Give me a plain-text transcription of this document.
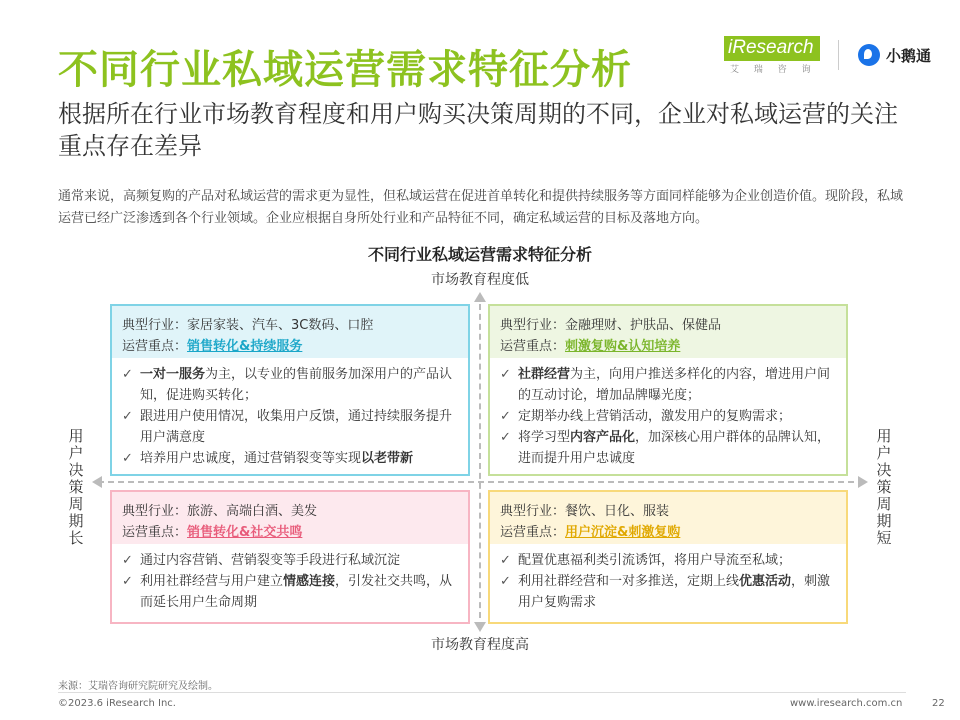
不同行业私域运营需求特征分析	iResearch
艾 瑞 咨 询
小鹅通
根据所在行业市场教育程度和用户购买决策周期的不同，企业对私域运营的关注重点存在差异
通常来说，高频复购的产品对私域运营的需求更为显性，但私域运营在促进首单转化和提供持续服务等方面同样能够为企业创造价值。现阶段，私域运营已经广泛渗透到各个行业领域。企业应根据自身所处行业和产品特征不同，确定私域运营的目标及落地方向。
不同行业私域运营需求特征分析
市场教育程度低
市场教育程度高
用户决策周期长
用户决策周期短
典型行业：家居家装、汽车、3C数码、口腔
运营重点：销售转化&持续服务
✓ 一对一服务为主，以专业的售前服务加深用户的产品认知，促进购买转化；
✓ 跟进用户使用情况，收集用户反馈，通过持续服务提升用户满意度
✓ 培养用户忠诚度，通过营销裂变等实现以老带新
典型行业：金融理财、护肤品、保健品
运营重点：刺激复购&认知培养
✓ 社群经营为主，向用户推送多样化的内容，增进用户间的互动讨论，增加品牌曝光度；
✓ 定期举办线上营销活动，激发用户的复购需求；
✓ 将学习型内容产品化，加深核心用户群体的品牌认知，进而提升用户忠诚度
典型行业：旅游、高端白酒、美发
运营重点：销售转化&社交共鸣
✓ 通过内容营销、营销裂变等手段进行私域沉淀
✓ 利用社群经营与用户建立情感连接，引发社交共鸣，从而延长用户生命周期
典型行业：餐饮、日化、服装
运营重点：用户沉淀&刺激复购
✓ 配置优惠福利类引流诱饵，将用户导流至私域；
✓ 利用社群经营和一对多推送，定期上线优惠活动，刺激用户复购需求
来源：艾瑞咨询研究院研究及绘制。
©2023.6 iResearch Inc.	www.iresearch.com.cn	22
